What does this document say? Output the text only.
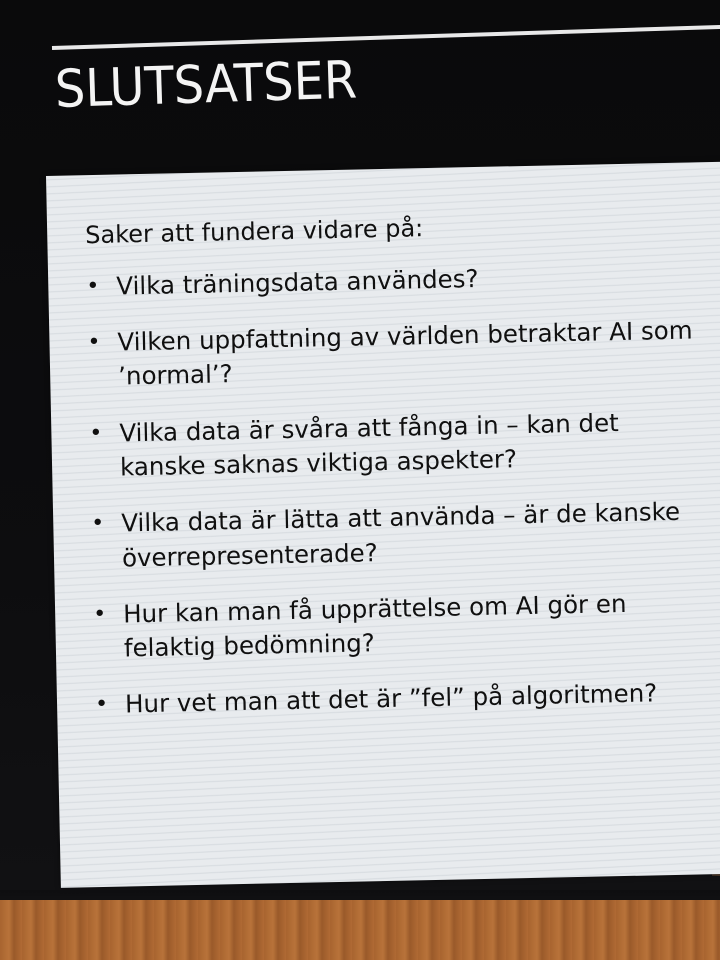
SLUTSATSER

Saker att fundera vidare på:

• Vilka träningsdata användes?
• Vilken uppfattning av världen betraktar AI som ’normal’?
• Vilka data är svåra att fånga in – kan det kanske saknas viktiga aspekter?
• Vilka data är lätta att använda – är de kanske överrepresenterade?
• Hur kan man få upprättelse om AI gör en felaktig bedömning?
• Hur vet man att det är ”fel” på algoritmen?
